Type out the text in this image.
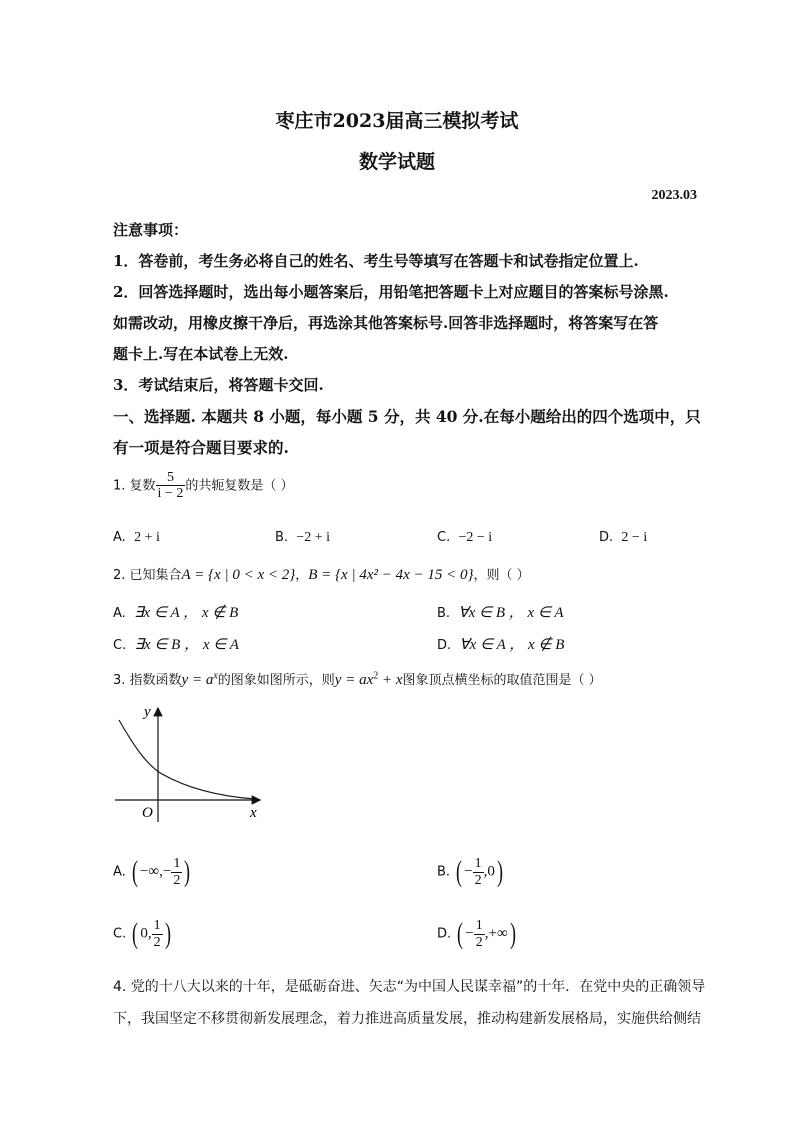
枣庄市2023届高三模拟考试
数学试题
2023.03
注意事项：
1．答卷前，考生务必将自己的姓名、考生号等填写在答题卡和试卷指定位置上.
2．回答选择题时，选出每小题答案后，用铅笔把答题卡上对应题目的答案标号涂黑.
如需改动，用橡皮擦干净后，再选涂其他答案标号.回答非选择题时，将答案写在答
题卡上.写在本试卷上无效.
3．考试结束后，将答题卡交回.
一、选择题. 本题共 8 小题，每小题 5 分，共 40 分.在每小题给出的四个选项中，只
有一项是符合题目要求的.
1. 复数 $\frac{5}{i - 2}$ 的共轭复数是（ ）
A. 2 + i	B. −2 + i	C. −2 − i	D. 2 − i
2. 已知集合A = {x | 0 < x < 2}，B = {x | 4x² − 4x − 15 < 0}，则（ ）
A. ∃x ∈ A ， x ∉ B	B. ∀x ∈ B ， x ∈ A
C. ∃x ∈ B ， x ∈ A	D. ∀x ∈ A ， x ∉ B
3. 指数函数$y = a^x$的图象如图所示，则$y = ax^2 + x$图象顶点横坐标的取值范围是（ ）
y
x
O
A. ( −∞,− $\frac{1}{2}$ )	B. ( − $\frac{1}{2} ,0$)
C. ( 0, $\frac{1}{2}$ )	D. ( − $\frac{1}{2}$ ,+∞)
4. 党的十八大以来的十年，是砥砺奋进、矢志“为中国人民谋幸福”的十年．在党中央的正确领导
下，我国坚定不移贯彻新发展理念，着力推进高质量发展，推动构建新发展格局，实施供给侧结
